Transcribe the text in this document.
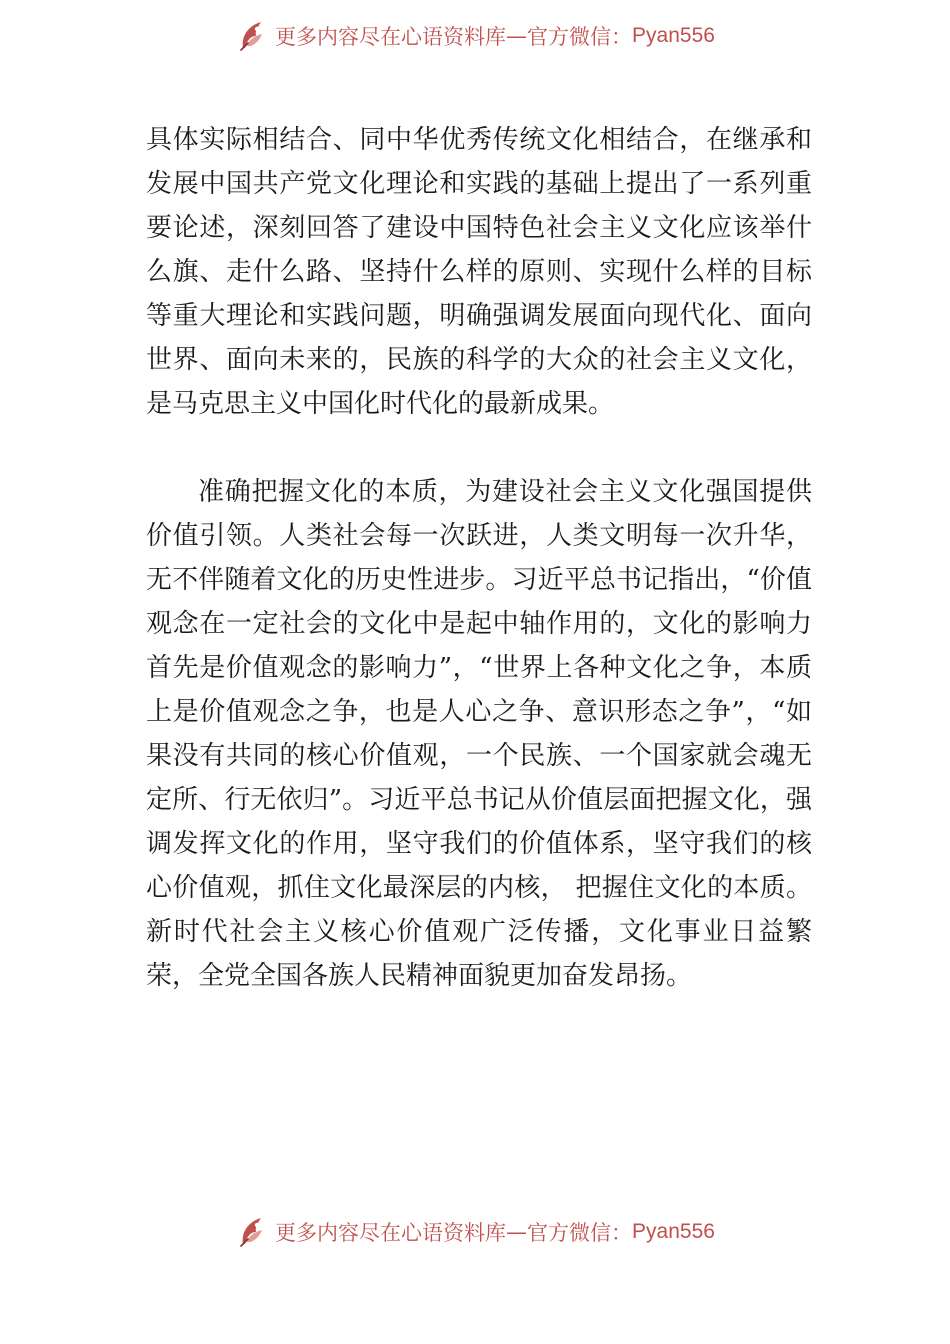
更多内容尽在心语资料库 — 官方微信： Pyan556

具体实际相结合、同中华优秀传统文化相结合，在继承和发展中国共产党文化理论和实践的基础上提出了一系列重要论述，深刻回答了建设中国特色社会主义文化应该举什么旗、走什么路、坚持什么样的原则、实现什么样的目标等重大理论和实践问题，明确强调发展面向现代化、面向世界、面向未来的，民族的科学的大众的社会主义文化，是马克思主义中国化时代化的最新成果。

准确把握文化的本质，为建设社会主义文化强国提供价值引领。人类社会每一次跃进，人类文明每一次升华，无不伴随着文化的历史性进步。习近平总书记指出，“价值观念在一定社会的文化中是起中轴作用的，文化的影响力首先是价值观念的影响力”，“世界上各种文化之争，本质上是价值观念之争，也是人心之争、意识形态之争”，“如果没有共同的核心价值观，一个民族、一个国家就会魂无定所、行无依归”。习近平总书记从价值层面把握文化，强调发挥文化的作用，坚守我们的价值体系，坚守我们的核心价值观，抓住文化最深层的内核， 把握住文化的本质。新时代社会主义核心价值观广泛传播，文化事业日益繁荣，全党全国各族人民精神面貌更加奋发昂扬。

更多内容尽在心语资料库 — 官方微信： Pyan556
